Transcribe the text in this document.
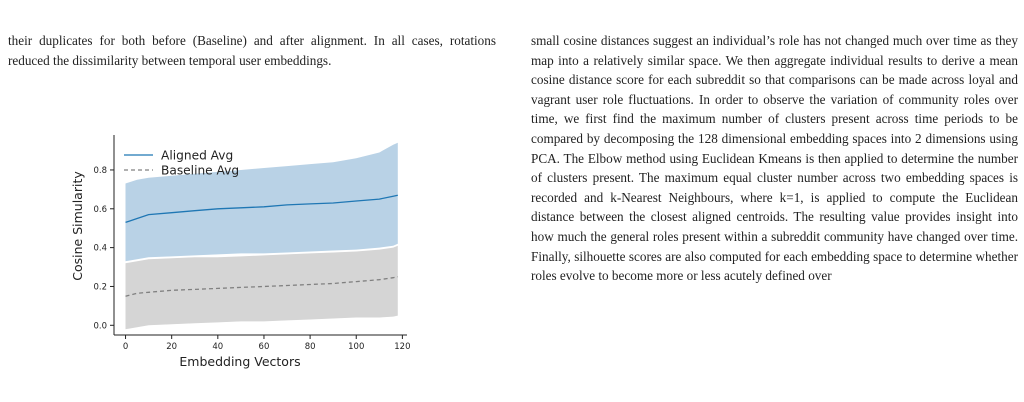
their duplicates for both before (Baseline) and after alignment. In all cases, rotations reduced the dissimilarity between temporal user embeddings.

small cosine distances suggest an individual’s role has not changed much over time as they map into a relatively similar space. We then aggregate individual results to derive a mean cosine distance score for each subreddit so that comparisons can be made across loyal and vagrant user role fluctuations. In order to observe the variation of community roles over time, we first find the maximum number of clusters present across time periods to be compared by decomposing the 128 dimensional embedding spaces into 2 dimensions using PCA. The Elbow method using Euclidean Kmeans is then applied to determine the number of clusters present. The maximum equal cluster number across two embedding spaces is recorded and k-Nearest Neighbours, where k=1, is applied to compute the Euclidean distance between the closest aligned centroids. The resulting value provides insight into how much the general roles present within a subreddit community have changed over time. Finally, silhouette scores are also computed for each embedding space to determine whether roles evolve to become more or less acutely defined over

0	20	40	60	80	100	120
0.0
0.2
0.4
0.6
0.8
Embedding Vectors
Cosine Simularity
Aligned Avg
Baseline Avg
